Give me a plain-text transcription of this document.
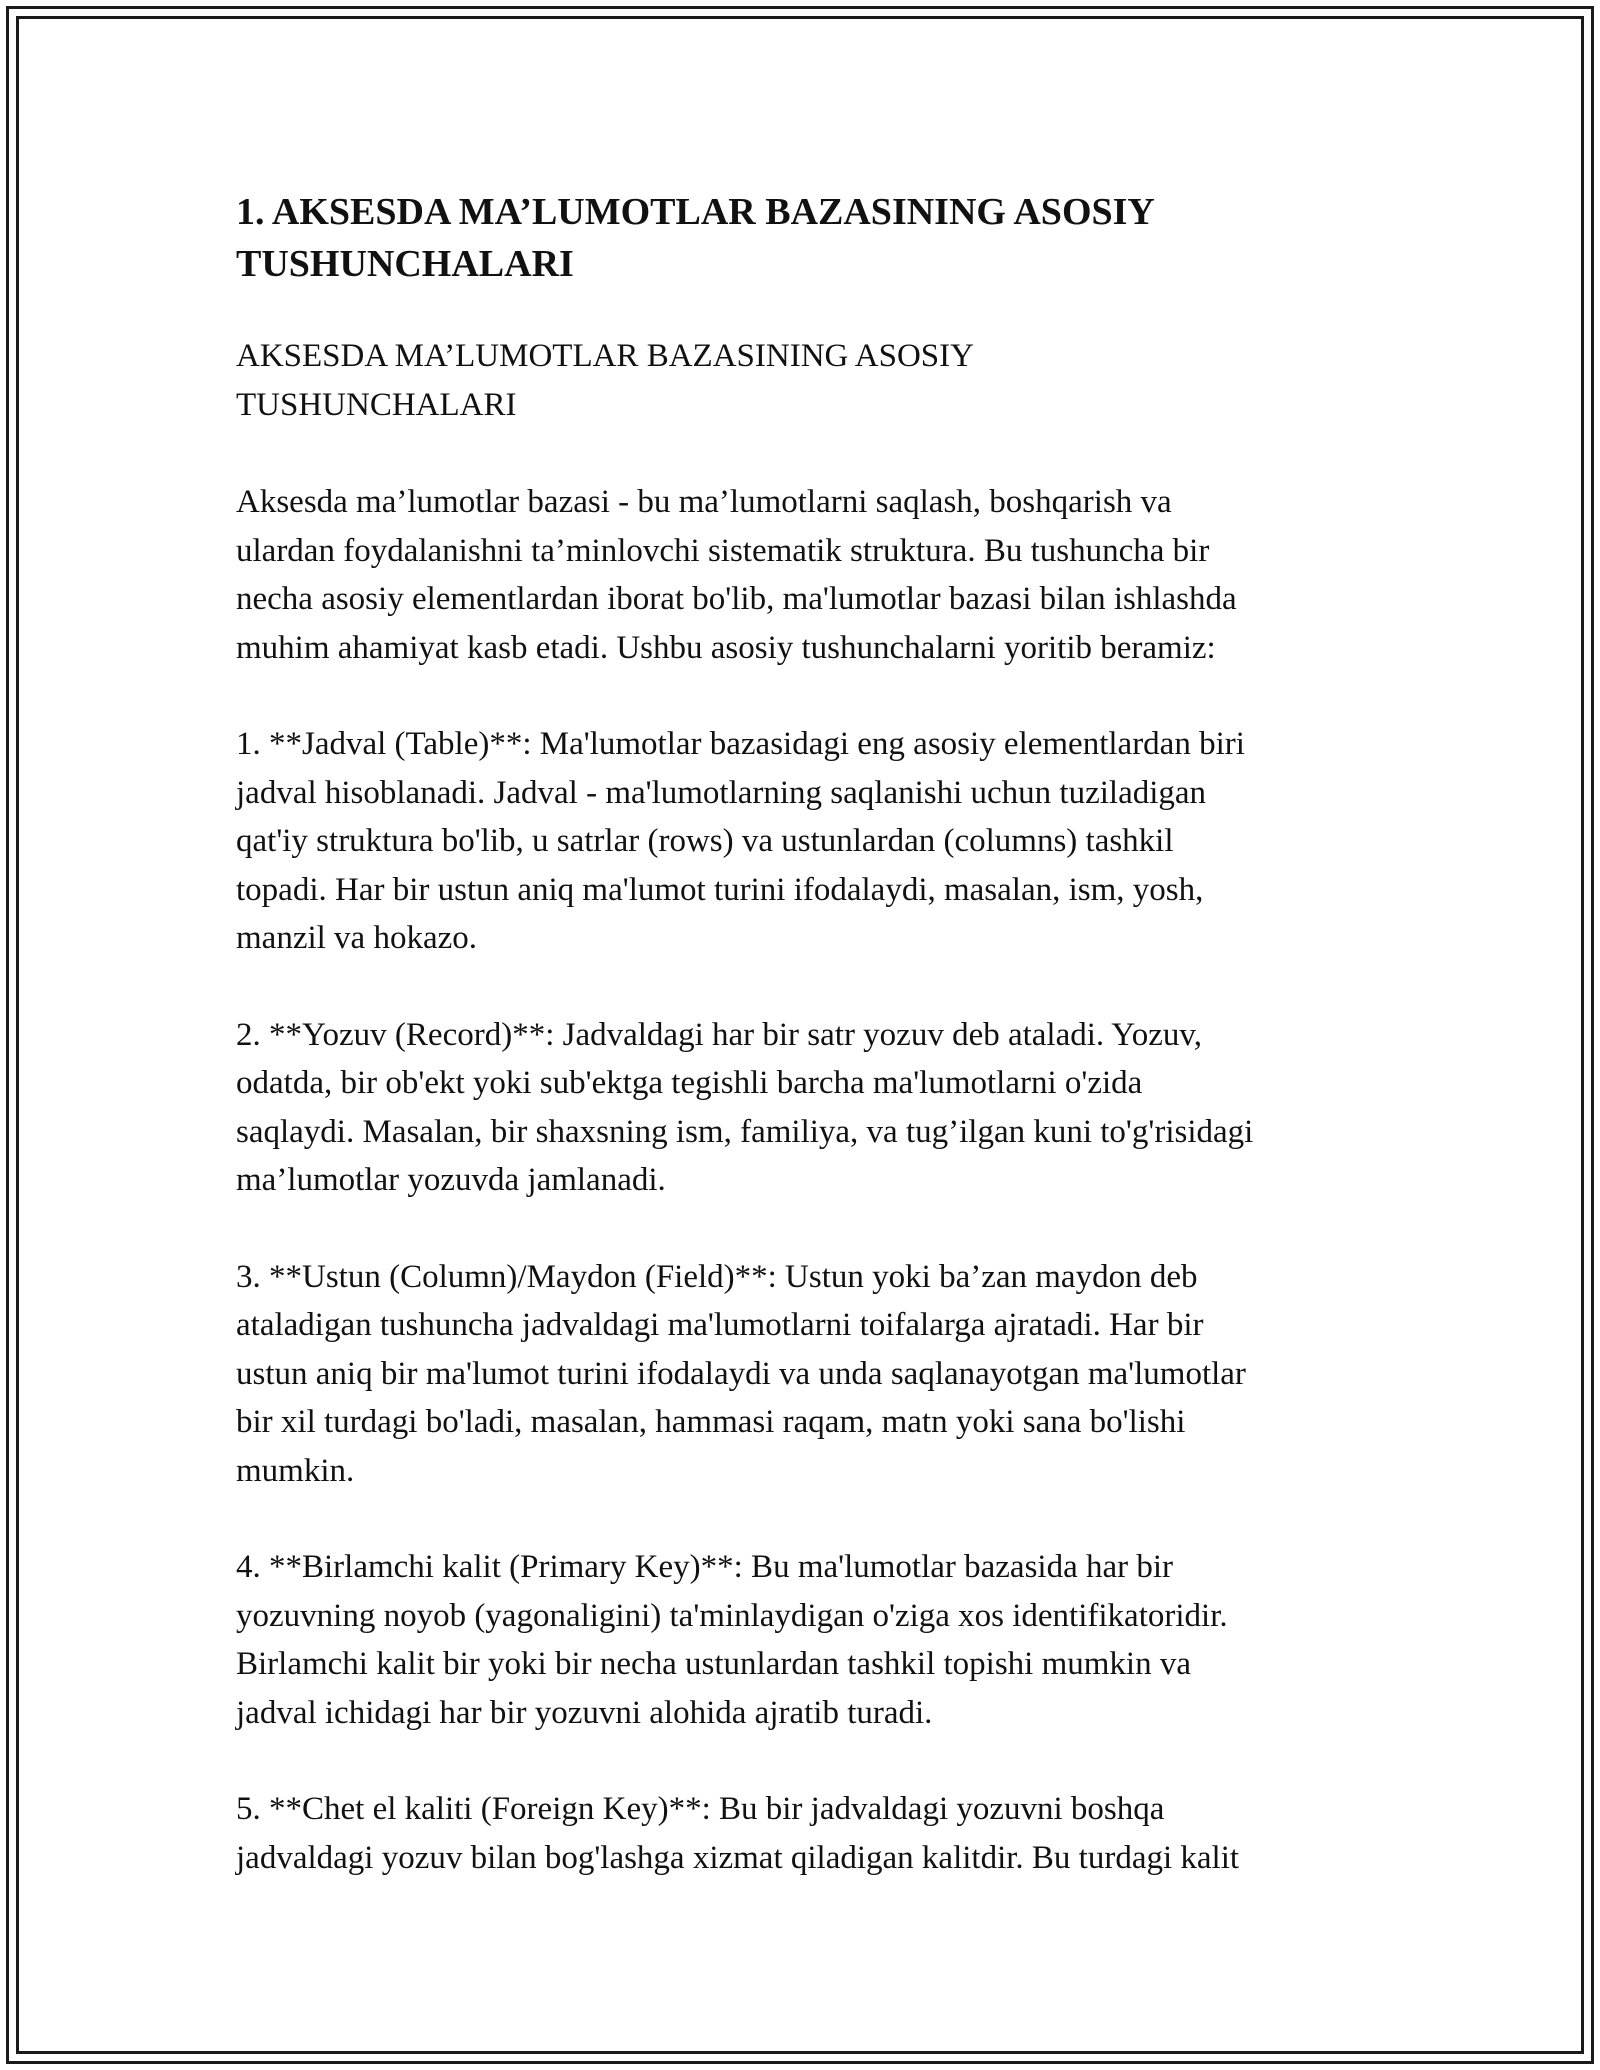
1. AKSESDA MA’LUMOTLAR BAZASINING ASOSIY
TUSHUNCHALARI

AKSESDA MA’LUMOTLAR BAZASINING ASOSIY
TUSHUNCHALARI

Aksesda ma’lumotlar bazasi - bu ma’lumotlarni saqlash, boshqarish va
ulardan foydalanishni ta’minlovchi sistematik struktura. Bu tushuncha bir
necha asosiy elementlardan iborat bo'lib, ma'lumotlar bazasi bilan ishlashda
muhim ahamiyat kasb etadi. Ushbu asosiy tushunchalarni yoritib beramiz:

1. **Jadval (Table)**: Ma'lumotlar bazasidagi eng asosiy elementlardan biri
jadval hisoblanadi. Jadval - ma'lumotlarning saqlanishi uchun tuziladigan
qat'iy struktura bo'lib, u satrlar (rows) va ustunlardan (columns) tashkil
topadi. Har bir ustun aniq ma'lumot turini ifodalaydi, masalan, ism, yosh,
manzil va hokazo.

2. **Yozuv (Record)**: Jadvaldagi har bir satr yozuv deb ataladi. Yozuv,
odatda, bir ob'ekt yoki sub'ektga tegishli barcha ma'lumotlarni o'zida
saqlaydi. Masalan, bir shaxsning ism, familiya, va tug’ilgan kuni to'g'risidagi
ma’lumotlar yozuvda jamlanadi.

3. **Ustun (Column)/Maydon (Field)**: Ustun yoki ba’zan maydon deb
ataladigan tushuncha jadvaldagi ma'lumotlarni toifalarga ajratadi. Har bir
ustun aniq bir ma'lumot turini ifodalaydi va unda saqlanayotgan ma'lumotlar
bir xil turdagi bo'ladi, masalan, hammasi raqam, matn yoki sana bo'lishi
mumkin.

4. **Birlamchi kalit (Primary Key)**: Bu ma'lumotlar bazasida har bir
yozuvning noyob (yagonaligini) ta'minlaydigan o'ziga xos identifikatoridir.
Birlamchi kalit bir yoki bir necha ustunlardan tashkil topishi mumkin va
jadval ichidagi har bir yozuvni alohida ajratib turadi.

5. **Chet el kaliti (Foreign Key)**: Bu bir jadvaldagi yozuvni boshqa
jadvaldagi yozuv bilan bog'lashga xizmat qiladigan kalitdir. Bu turdagi kalit
